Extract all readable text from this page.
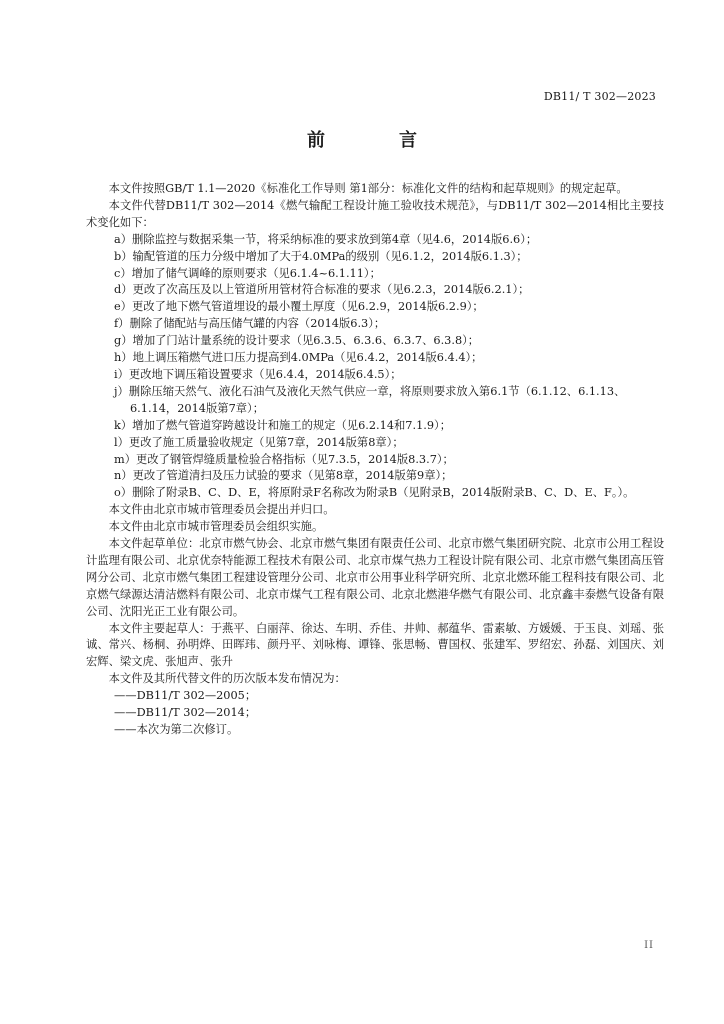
DB11/ T 302—2023
前　言

本文件按照GB/T 1.1—2020《标准化工作导则 第1部分：标准化文件的结构和起草规则》的规定起草。

本文件代替DB11/T 302—2014《燃气输配工程设计施工验收技术规范》，与DB11/T 302—2014相比主要技术变化如下：

a）删除监控与数据采集一节，将采纳标准的要求放到第4章（见4.6，2014版6.6）；

b）输配管道的压力分级中增加了大于4.0MPa的级别（见6.1.2，2014版6.1.3）；

c）增加了储气调峰的原则要求（见6.1.4~6.1.11）；

d）更改了次高压及以上管道所用管材符合标准的要求（见6.2.3，2014版6.2.1）；

e）更改了地下燃气管道埋设的最小覆土厚度（见6.2.9，2014版6.2.9）；

f）删除了储配站与高压储气罐的内容（2014版6.3）；

g）增加了门站计量系统的设计要求（见6.3.5、6.3.6、6.3.7、6.3.8）；

h）地上调压箱燃气进口压力提高到4.0MPa（见6.4.2，2014版6.4.4）；

i）更改地下调压箱设置要求（见6.4.4，2014版6.4.5）；

j）删除压缩天然气、液化石油气及液化天然气供应一章，将原则要求放入第6.1节（6.1.12、6.1.13、6.1.14，2014版第7章）；

k）增加了燃气管道穿跨越设计和施工的规定（见6.2.14和7.1.9）；

l）更改了施工质量验收规定（见第7章，2014版第8章）；

m）更改了钢管焊缝质量检验合格指标（见7.3.5，2014版8.3.7）；

n）更改了管道清扫及压力试验的要求（见第8章，2014版第9章）；

o）删除了附录B、C、D、E，将原附录F名称改为附录B（见附录B，2014版附录B、C、D、E、F。）。

本文件由北京市城市管理委员会提出并归口。

本文件由北京市城市管理委员会组织实施。

本文件起草单位：北京市燃气协会、北京市燃气集团有限责任公司、北京市燃气集团研究院、北京市公用工程设计监理有限公司、北京优奈特能源工程技术有限公司、北京市煤气热力工程设计院有限公司、北京市燃气集团高压管网分公司、北京市燃气集团工程建设管理分公司、北京市公用事业科学研究所、北京北燃环能工程科技有限公司、北京燃气绿源达清洁燃料有限公司、北京市煤气工程有限公司、北京北燃港华燃气有限公司、北京鑫丰泰燃气设备有限公司、沈阳光正工业有限公司。

本文件主要起草人：于燕平、白丽萍、徐达、车明、乔佳、井帅、郝蕴华、雷素敏、方媛媛、于玉良、刘瑶、张诚、常兴、杨桐、孙明烨、田晖玮、颜丹平、刘咏梅、谭锋、张思畅、曹国权、张建军、罗绍宏、孙磊、刘国庆、刘宏辉、梁文虎、张旭声、张升

本文件及其所代替文件的历次版本发布情况为：

——DB11/T 302—2005；

——DB11/T 302—2014；

——本次为第二次修订。

II
